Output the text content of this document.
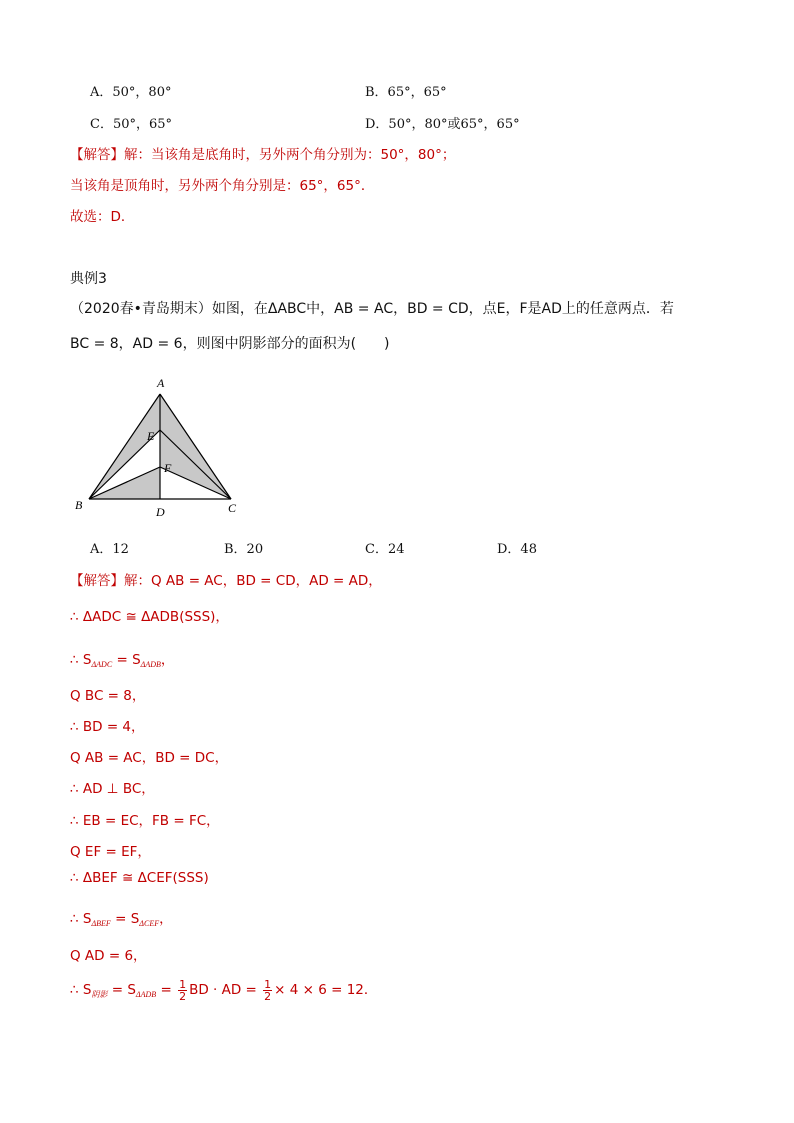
A．50°，80°	B．65°，65°
C．50°，65°	D．50°，80°或65°，65°
【解答】解：当该角是底角时，另外两个角分别为：50°，80°；
当该角是顶角时，另外两个角分别是：65°，65°．
故选：D．
典例3
（2020春•青岛期末）如图，在ΔABC中，AB = AC，BD = CD，点E，F是AD上的任意两点．若
BC = 8，AD = 6，则图中阴影部分的面积为(　　)
A
B	C
D
E
F
A．12	B．20	C．24	D．48
【解答】解：Q AB = AC，BD = CD，AD = AD，
∴ ΔADC ≅ ΔADB(SSS)，
∴ $S_{\Delta ADC} = S_{\Delta ADB}$，
Q BC = 8，
∴ BD = 4，
Q AB = AC，BD = DC，
∴ AD ⊥ BC，
∴ EB = EC，FB = FC，
Q EF = EF，
∴ ΔBEF ≅ ΔCEF(SSS)
∴ $S_{\Delta BEF} = S_{\Delta CEF}$，
Q AD = 6，
∴ $S_{阴影} = S_{\Delta ADB} = \frac{1}{2}$ BD · AD = $\frac{1}{2} \times 4 \times 6 = 12$．
